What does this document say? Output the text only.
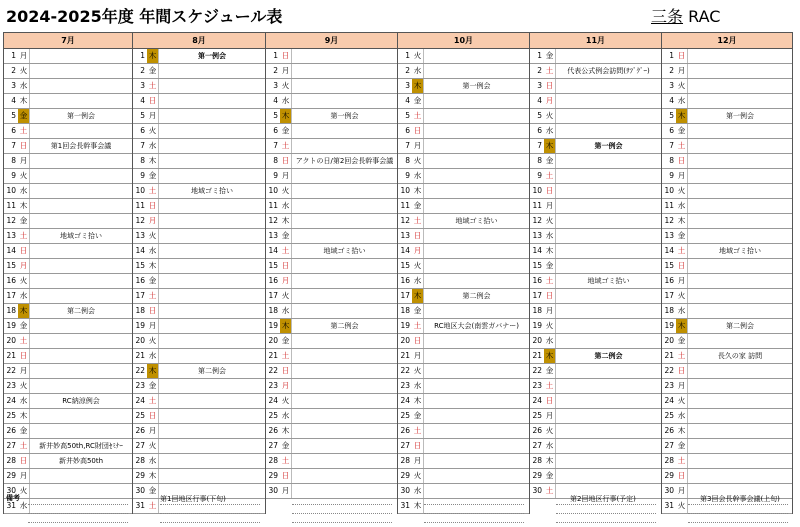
2024-2025年度 年間スケジュール表	三条 RAC
7月
1 月
2 火
3 水
4 木
5 金	第一例会
6 土
7 日	第1回会長幹事会議
8 月
9 火
10 水
11 木
12 金
13 土	地域ゴミ拾い
14 日
15 月
16 火
17 水
18 木	第二例会
19 金
20 土
21 日
22 月
23 火
24 水	RC納涼例会
25 木
26 金
27 土	新井妙高50th,RC財団ｾﾐﾅｰ
28 日	新井妙高50th
29 月
30 火
31 水
8月
1 木	第一例会
2 金
3 土
4 日
5 月
6 火
7 水
8 木
9 金
10 土	地域ゴミ拾い
11 日
12 月
13 火
14 水
15 木
16 金
17 土
18 日
19 月
20 火
21 水
22 木	第二例会
23 金
24 土
25 日
26 月
27 火
28 水
29 木
30 金
31 土
9月
1 日
2 月
3 火
4 水
5 木	第一例会
6 金
7 土
8 日 アクトの日/第2回会長幹事会議
9 月
10 火
11 水
12 木
13 金
14 土	地域ゴミ拾い
15 日
16 月
17 火
18 水
19 木	第二例会
20 金
21 土
22 日
23 月
24 火
25 水
26 木
27 金
28 土
29 日
30 月
10月
1 火
2 水
3 木	第一例会
4 金
5 土
6 日
7 月
8 火
9 水
10 木
11 金
12 土	地域ゴミ拾い
13 日
14 月
15 火
16 水
17 木	第二例会
18 金
19 土	RC地区大会(南雲ガバナー)
20 日
21 月
22 火
23 水
24 木
25 金
26 土
27 日
28 月
29 火
30 水
31 木
11月
1 金
2 土	代表公式例会訪問(ｻﾌﾞｸﾞｰ)
3 日
4 月
5 火
6 水
7 木	第一例会
8 金
9 土
10 日
11 月
12 火
13 水
14 木
15 金
16 土	地域ゴミ拾い
17 日
18 月
19 火
20 水
21 木	第二例会
22 金
23 土
24 日
25 月
26 火
27 水
28 木
29 金
30 土
12月
1 日
2 月
3 火
4 水
5 木	第一例会
6 金
7 土
8 日
9 月
10 火
11 水
12 木
13 金
14 土	地域ゴミ拾い
15 日
16 月
17 火
18 水
19 木	第二例会
20 金
21 土	長久の家 訪問
22 日
23 月
24 火
25 水
26 木
27 金
28 土
29 日
30 月
31 火
備考	第1回地区行事(下旬)	第2回地区行事(予定)	第3回会長幹事会議(上旬)
